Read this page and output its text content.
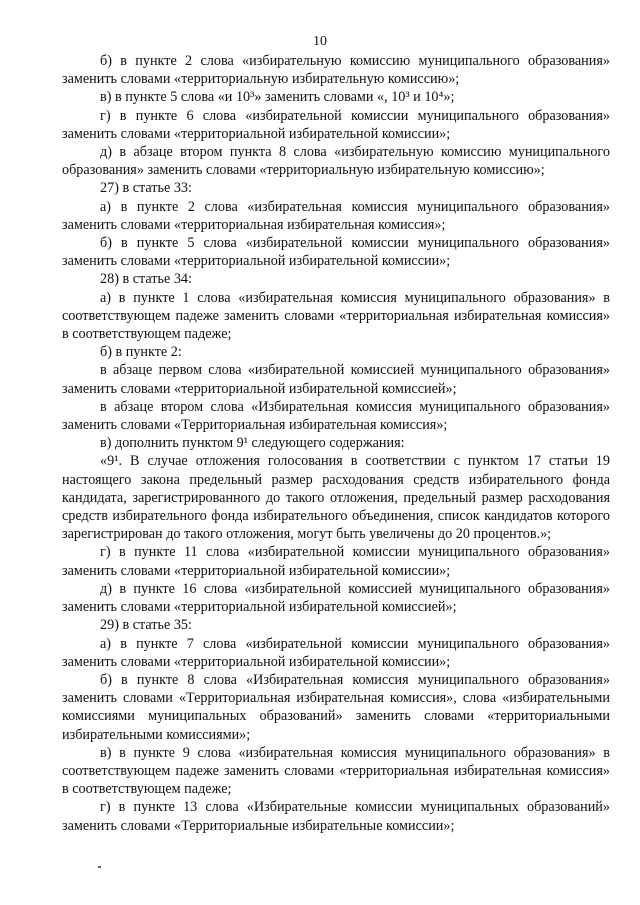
10

б) в пункте 2 слова «избирательную комиссию муниципального образования» заменить словами «территориальную избирательную комиссию»;

в) в пункте 5 слова «и 10³» заменить словами «, 10³ и 10⁴»;

г) в пункте 6 слова «избирательной комиссии муниципального образования» заменить словами «территориальной избирательной комиссии»;

д) в абзаце втором пункта 8 слова «избирательную комиссию муниципального образования» заменить словами «территориальную избирательную комиссию»;

27) в статье 33:

а) в пункте 2 слова «избирательная комиссия муниципального образования» заменить словами «территориальная избирательная комиссия»;

б) в пункте 5 слова «избирательной комиссии муниципального образования» заменить словами «территориальной избирательной комиссии»;

28) в статье 34:

а) в пункте 1 слова «избирательная комиссия муниципального образования» в соответствующем падеже заменить словами «территориальная избирательная комиссия» в соответствующем падеже;

б) в пункте 2:

в абзаце первом слова «избирательной комиссией муниципального образования» заменить словами «территориальной избирательной комиссией»;

в абзаце втором слова «Избирательная комиссия муниципального образования» заменить словами «Территориальная избирательная комиссия»;

в) дополнить пунктом 9¹ следующего содержания:

«9¹. В случае отложения голосования в соответствии с пунктом 17 статьи 19 настоящего закона предельный размер расходования средств избирательного фонда кандидата, зарегистрированного до такого отложения, предельный размер расходования средств избирательного фонда избирательного объединения, список кандидатов которого зарегистрирован до такого отложения, могут быть увеличены до 20 процентов.»;

г) в пункте 11 слова «избирательной комиссии муниципального образования» заменить словами «территориальной избирательной комиссии»;

д) в пункте 16 слова «избирательной комиссией муниципального образования» заменить словами «территориальной избирательной комиссией»;

29) в статье 35:

а) в пункте 7 слова «избирательной комиссии муниципального образования» заменить словами «территориальной избирательной комиссии»;

б) в пункте 8 слова «Избирательная комиссия муниципального образования» заменить словами «Территориальная избирательная комиссия», слова «избирательными комиссиями муниципальных образований» заменить словами «территориальными избирательными комиссиями»;

в) в пункте 9 слова «избирательная комиссия муниципального образования» в соответствующем падеже заменить словами «территориальная избирательная комиссия» в соответствующем падеже;

г) в пункте 13 слова «Избирательные комиссии муниципальных образований» заменить словами «Территориальные избирательные комиссии»;
